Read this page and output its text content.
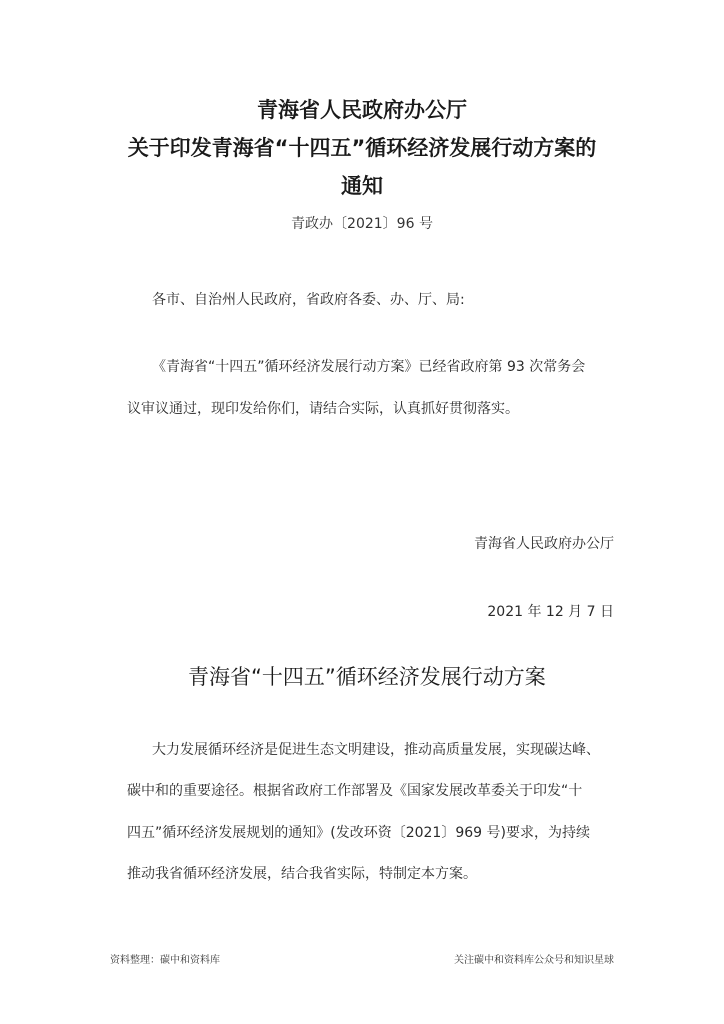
青海省人民政府办公厅
关于印发青海省“十四五”循环经济发展行动方案的
通知
青政办〔2021〕96 号
各市、自治州人民政府，省政府各委、办、厅、局:
《青海省“十四五”循环经济发展行动方案》已经省政府第 93 次常务会
议审议通过，现印发给你们，请结合实际，认真抓好贯彻落实。
青海省人民政府办公厅
2021 年 12 月 7 日
青海省“十四五”循环经济发展行动方案
大力发展循环经济是促进生态文明建设，推动高质量发展，实现碳达峰、
碳中和的重要途径。根据省政府工作部署及《国家发展改革委关于印发“十
四五”循环经济发展规划的通知》(发改环资〔2021〕969 号)要求，为持续
推动我省循环经济发展，结合我省实际，特制定本方案。
资料整理：碳中和资料库	关注碳中和资料库公众号和知识星球
